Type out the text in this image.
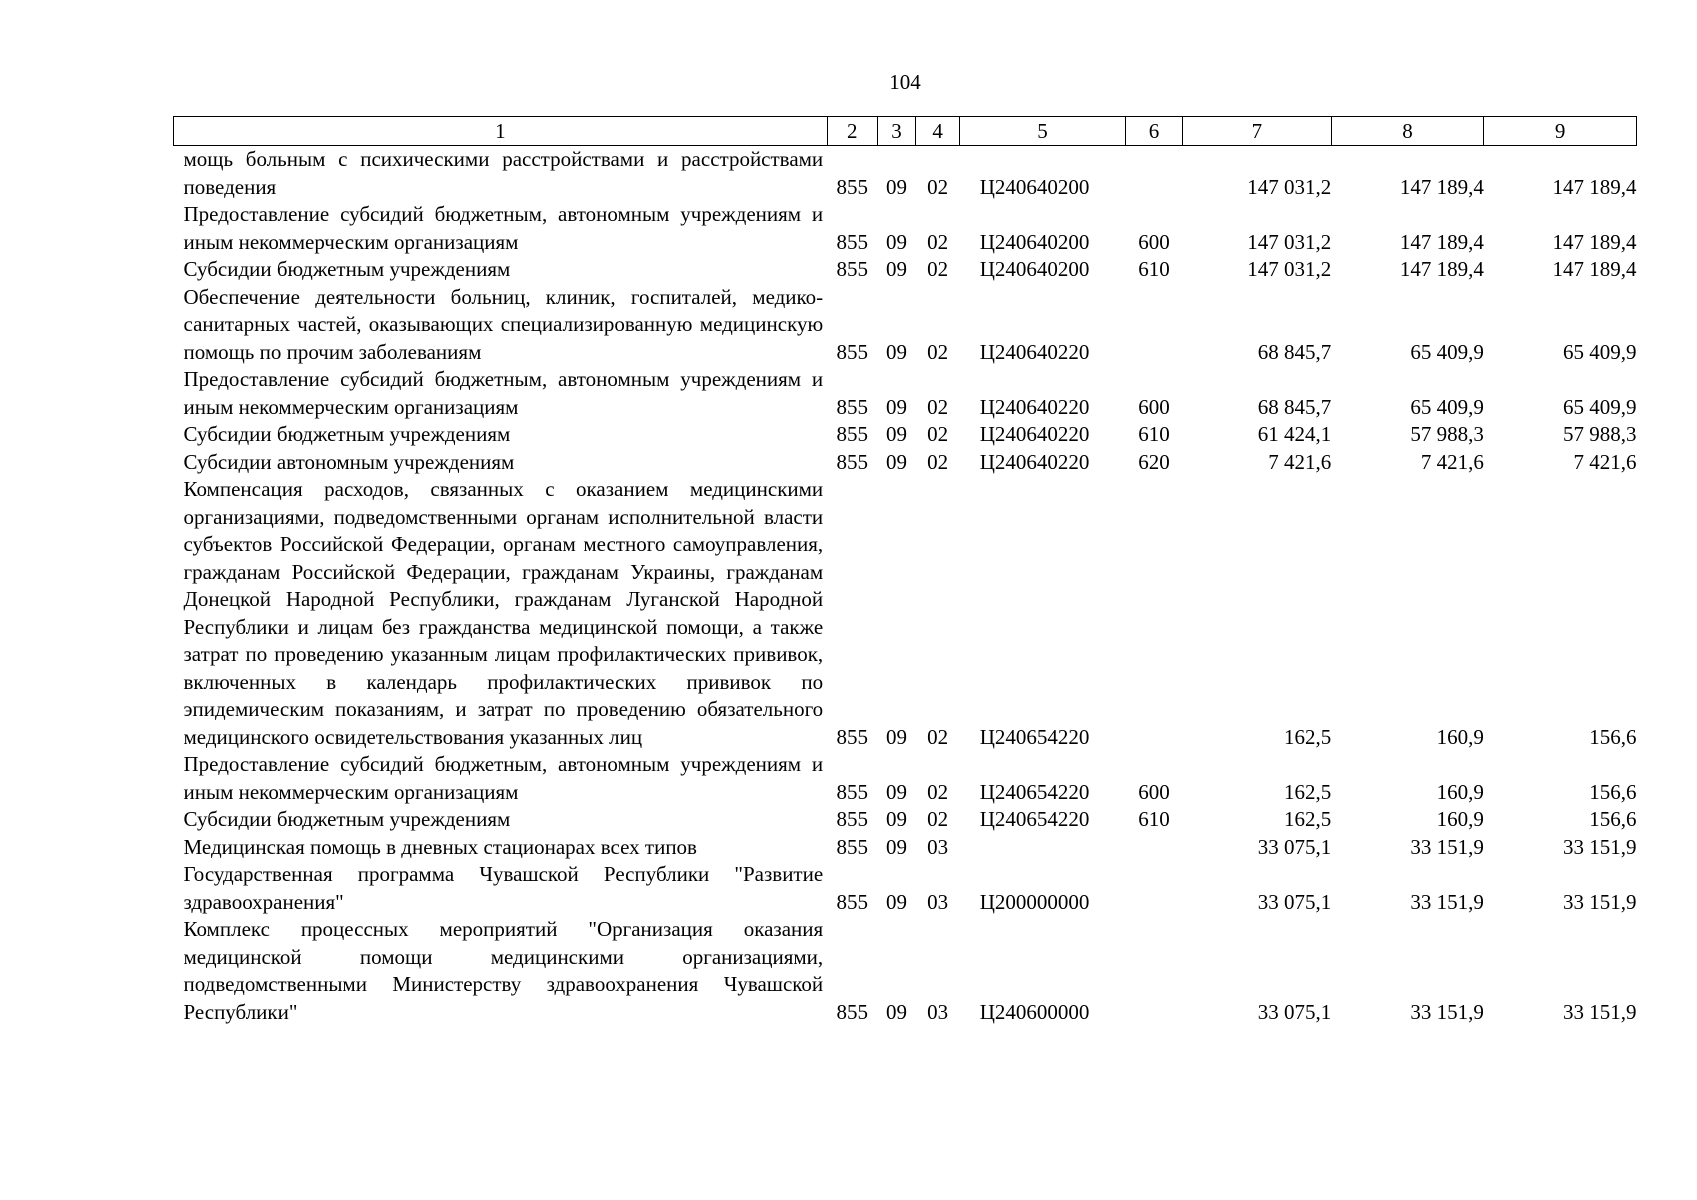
104
1	2	3	4	5	6	7	8	9
мощь больным с психическими расстройствами и расстройствами поведения	855	09	02	Ц240640200		147 031,2	147 189,4	147 189,4
Предоставление субсидий бюджетным, автономным учреждениям и иным некоммерческим организациям	855	09	02	Ц240640200	600	147 031,2	147 189,4	147 189,4
Субсидии бюджетным учреждениям	855	09	02	Ц240640200	610	147 031,2	147 189,4	147 189,4
Обеспечение деятельности больниц, клиник, госпиталей, медико-санитарных частей, оказывающих специализированную медицинскую помощь по прочим заболеваниям	855	09	02	Ц240640220		68 845,7	65 409,9	65 409,9
Предоставление субсидий бюджетным, автономным учреждениям и иным некоммерческим организациям	855	09	02	Ц240640220	600	68 845,7	65 409,9	65 409,9
Субсидии бюджетным учреждениям	855	09	02	Ц240640220	610	61 424,1	57 988,3	57 988,3
Субсидии автономным учреждениям	855	09	02	Ц240640220	620	7 421,6	7 421,6	7 421,6
Компенсация расходов, связанных с оказанием медицинскими организациями, подведомственными органам исполнительной власти субъектов Российской Федерации, органам местного самоуправления, гражданам Российской Федерации, гражданам Украины, гражданам Донецкой Народной Республики, гражданам Луганской Народной Республики и лицам без гражданства медицинской помощи, а также затрат по проведению указанным лицам профилактических прививок, включенных в календарь профилактических прививок по эпидемическим показаниям, и затрат по проведению обязательного медицинского освидетельствования указанных лиц	855	09	02	Ц240654220		162,5	160,9	156,6
Предоставление субсидий бюджетным, автономным учреждениям и иным некоммерческим организациям	855	09	02	Ц240654220	600	162,5	160,9	156,6
Субсидии бюджетным учреждениям	855	09	02	Ц240654220	610	162,5	160,9	156,6
Медицинская помощь в дневных стационарах всех типов	855	09	03			33 075,1	33 151,9	33 151,9
Государственная программа Чувашской Республики "Развитие здравоохранения"	855	09	03	Ц200000000		33 075,1	33 151,9	33 151,9
Комплекс процессных мероприятий "Организация оказания медицинской помощи медицинскими организациями, подведомственными Министерству здравоохранения Чувашской Республики"	855	09	03	Ц240600000		33 075,1	33 151,9	33 151,9
